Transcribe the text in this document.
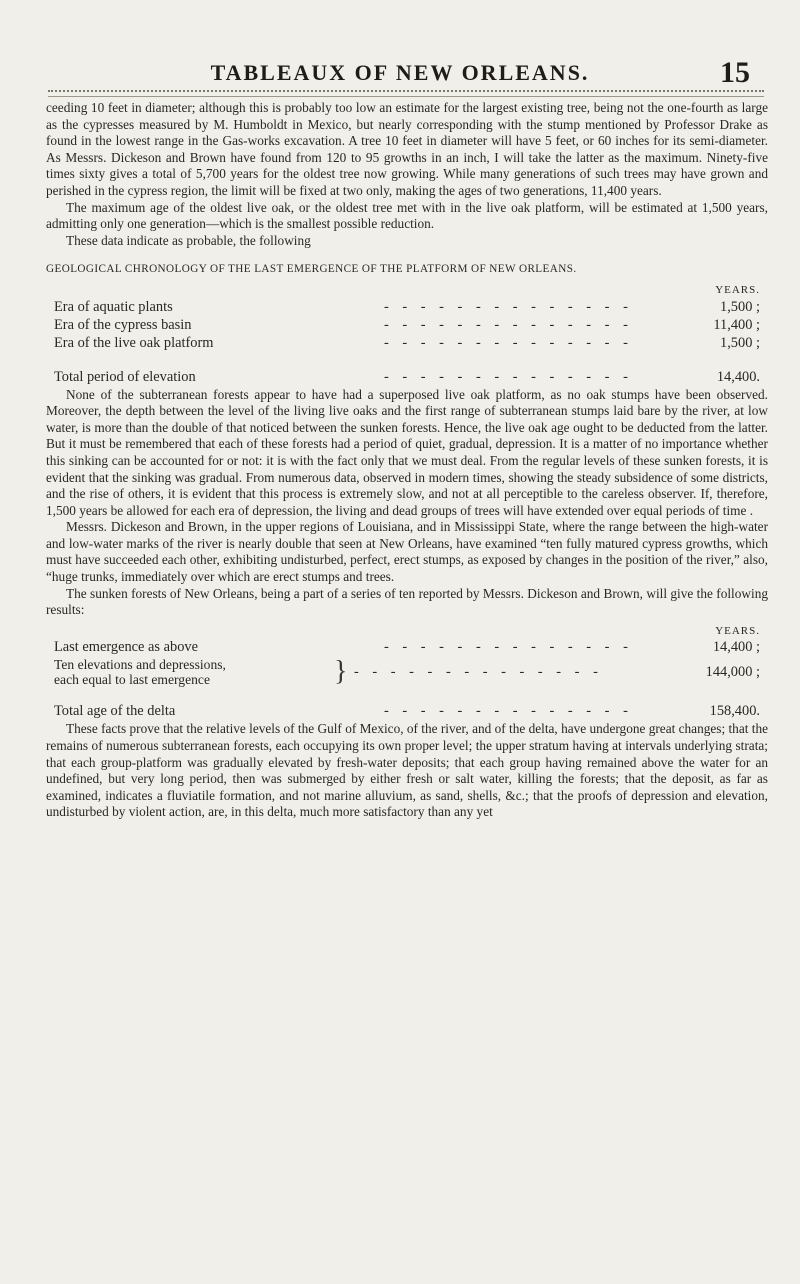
TABLEAUX OF NEW ORLEANS.	15

ceeding 10 feet in diameter; although this is probably too low an estimate for the largest existing tree, being not the one-fourth as large as the cypresses measured by M. Humboldt in Mexico, but nearly corresponding with the stump mentioned by Professor Drake as found in the lowest range in the Gas-works excavation. A tree 10 feet in diameter will have 5 feet, or 60 inches for its semi-diameter. As Messrs. Dickeson and Brown have found from 120 to 95 growths in an inch, I will take the latter as the maximum. Ninety-five times sixty gives a total of 5,700 years for the oldest tree now growing. While many generations of such trees may have grown and perished in the cypress region, the limit will be fixed at two only, making the ages of two generations, 11,400 years.

The maximum age of the oldest live oak, or the oldest tree met with in the live oak platform, will be estimated at 1,500 years, admitting only one generation—which is the smallest possible reduction.

These data indicate as probable, the following

GEOLOGICAL CHRONOLOGY OF THE LAST EMERGENCE OF THE PLATFORM OF NEW ORLEANS.
YEARS.
Era of aquatic plants	- - - - - - - - - - - - - -	1,500 ;
Era of the cypress basin	- - - - - - - - - - - - - -	11,400 ;
Era of the live oak platform	- - - - - - - - - - - - - -	1,500 ;
Total period of elevation	- - - - - - - - - - - - - -	14,400.

None of the subterranean forests appear to have had a superposed live oak platform, as no oak stumps have been observed. Moreover, the depth between the level of the living live oaks and the first range of subterranean stumps laid bare by the river, at low water, is more than the double of that noticed between the sunken forests. Hence, the live oak age ought to be deducted from the latter. But it must be remembered that each of these forests had a period of quiet, gradual, depression. It is a matter of no importance whether this sinking can be accounted for or not: it is with the fact only that we must deal. From the regular levels of these sunken forests, it is evident that the sinking was gradual. From numerous data, observed in modern times, showing the steady subsidence of some districts, and the rise of others, it is evident that this process is extremely slow, and not at all perceptible to the careless observer. If, therefore, 1,500 years be allowed for each era of depression, the living and dead groups of trees will have extended over equal periods of time .

Messrs. Dickeson and Brown, in the upper regions of Louisiana, and in Mississippi State, where the range between the high-water and low-water marks of the river is nearly double that seen at New Orleans, have examined “ten fully matured cypress growths, which must have succeeded each other, exhibiting undisturbed, perfect, erect stumps, as exposed by changes in the position of the river,” also, “huge trunks, immediately over which are erect stumps and trees.

The sunken forests of New Orleans, being a part of a series of ten reported by Messrs. Dickeson and Brown, will give the following results:

YEARS.
Last emergence as above	- - - - - - - - - - - - - -	14,400 ;
Ten elevations and depressions,
each equal to last emergence	} - - - - - - - - - - - - - -	144,000 ;
Total age of the delta	- - - - - - - - - - - - - -	158,400.

These facts prove that the relative levels of the Gulf of Mexico, of the river, and of the delta, have undergone great changes; that the remains of numerous subterranean forests, each occupying its own proper level; the upper stratum having at intervals underlying strata; that each group-platform was gradually elevated by fresh-water deposits; that each group having remained above the water for an undefined, but very long period, then was submerged by either fresh or salt water, killing the forests; that the deposit, as far as examined, indicates a fluviatile formation, and not marine alluvium, as sand, shells, &c.; that the proofs of depression and elevation, undisturbed by violent action, are, in this delta, much more satisfactory than any yet
